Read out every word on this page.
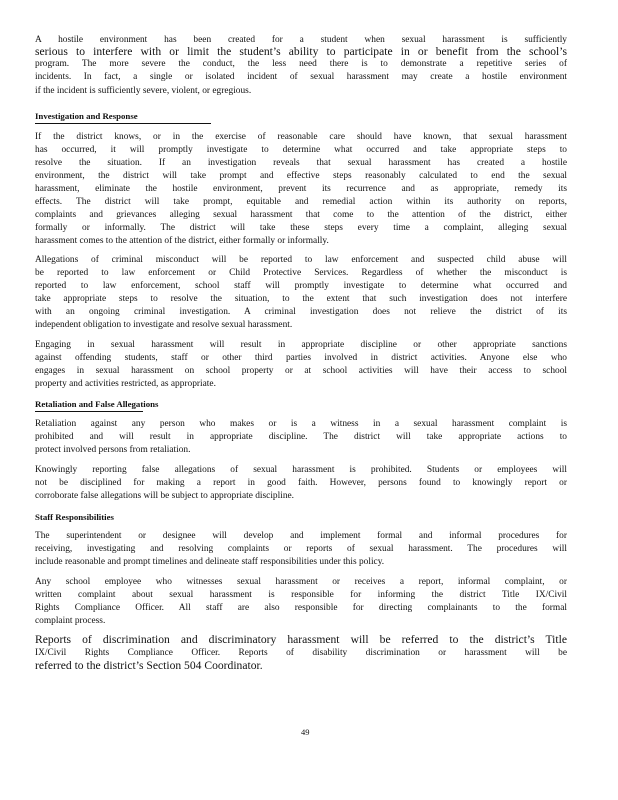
A hostile environment has been created for a student when sexual harassment is sufficiently
serious to interfere with or limit the student’s ability to participate in or benefit from the school’s
program. The more severe the conduct, the less need there is to demonstrate a repetitive series of
incidents. In fact, a single or isolated incident of sexual harassment may create a hostile environment
if the incident is sufficiently severe, violent, or egregious.
Investigation and Response
If the district knows, or in the exercise of reasonable care should have known, that sexual harassment
has occurred, it will promptly investigate to determine what occurred and take appropriate steps to
resolve the situation. If an investigation reveals that sexual harassment has created a hostile
environment, the district will take prompt and effective steps reasonably calculated to end the sexual
harassment, eliminate the hostile environment, prevent its recurrence and as appropriate, remedy its
effects. The district will take prompt, equitable and remedial action within its authority on reports,
complaints and grievances alleging sexual harassment that come to the attention of the district, either
formally or informally. The district will take these steps every time a complaint, alleging sexual
harassment comes to the attention of the district, either formally or informally.
Allegations of criminal misconduct will be reported to law enforcement and suspected child abuse will
be reported to law enforcement or Child Protective Services. Regardless of whether the misconduct is
reported to law enforcement, school staff will promptly investigate to determine what occurred and
take appropriate steps to resolve the situation, to the extent that such investigation does not interfere
with an ongoing criminal investigation. A criminal investigation does not relieve the district of its
independent obligation to investigate and resolve sexual harassment.
Engaging in sexual harassment will result in appropriate discipline or other appropriate sanctions
against offending students, staff or other third parties involved in district activities. Anyone else who
engages in sexual harassment on school property or at school activities will have their access to school
property and activities restricted, as appropriate.
Retaliation and False Allegations
Retaliation against any person who makes or is a witness in a sexual harassment complaint is
prohibited and will result in appropriate discipline. The district will take appropriate actions to
protect involved persons from retaliation.
Knowingly reporting false allegations of sexual harassment is prohibited. Students or employees will
not be disciplined for making a report in good faith. However, persons found to knowingly report or
corroborate false allegations will be subject to appropriate discipline.
Staff Responsibilities
The superintendent or designee will develop and implement formal and informal procedures for
receiving, investigating and resolving complaints or reports of sexual harassment. The procedures will
include reasonable and prompt timelines and delineate staff responsibilities under this policy.
Any school employee who witnesses sexual harassment or receives a report, informal complaint, or
written complaint about sexual harassment is responsible for informing the district Title IX/Civil
Rights Compliance Officer. All staff are also responsible for directing complainants to the formal
complaint process.
Reports of discrimination and discriminatory harassment will be referred to the district’s Title
IX/Civil Rights Compliance Officer. Reports of disability discrimination or harassment will be
referred to the district’s Section 504 Coordinator.
49
